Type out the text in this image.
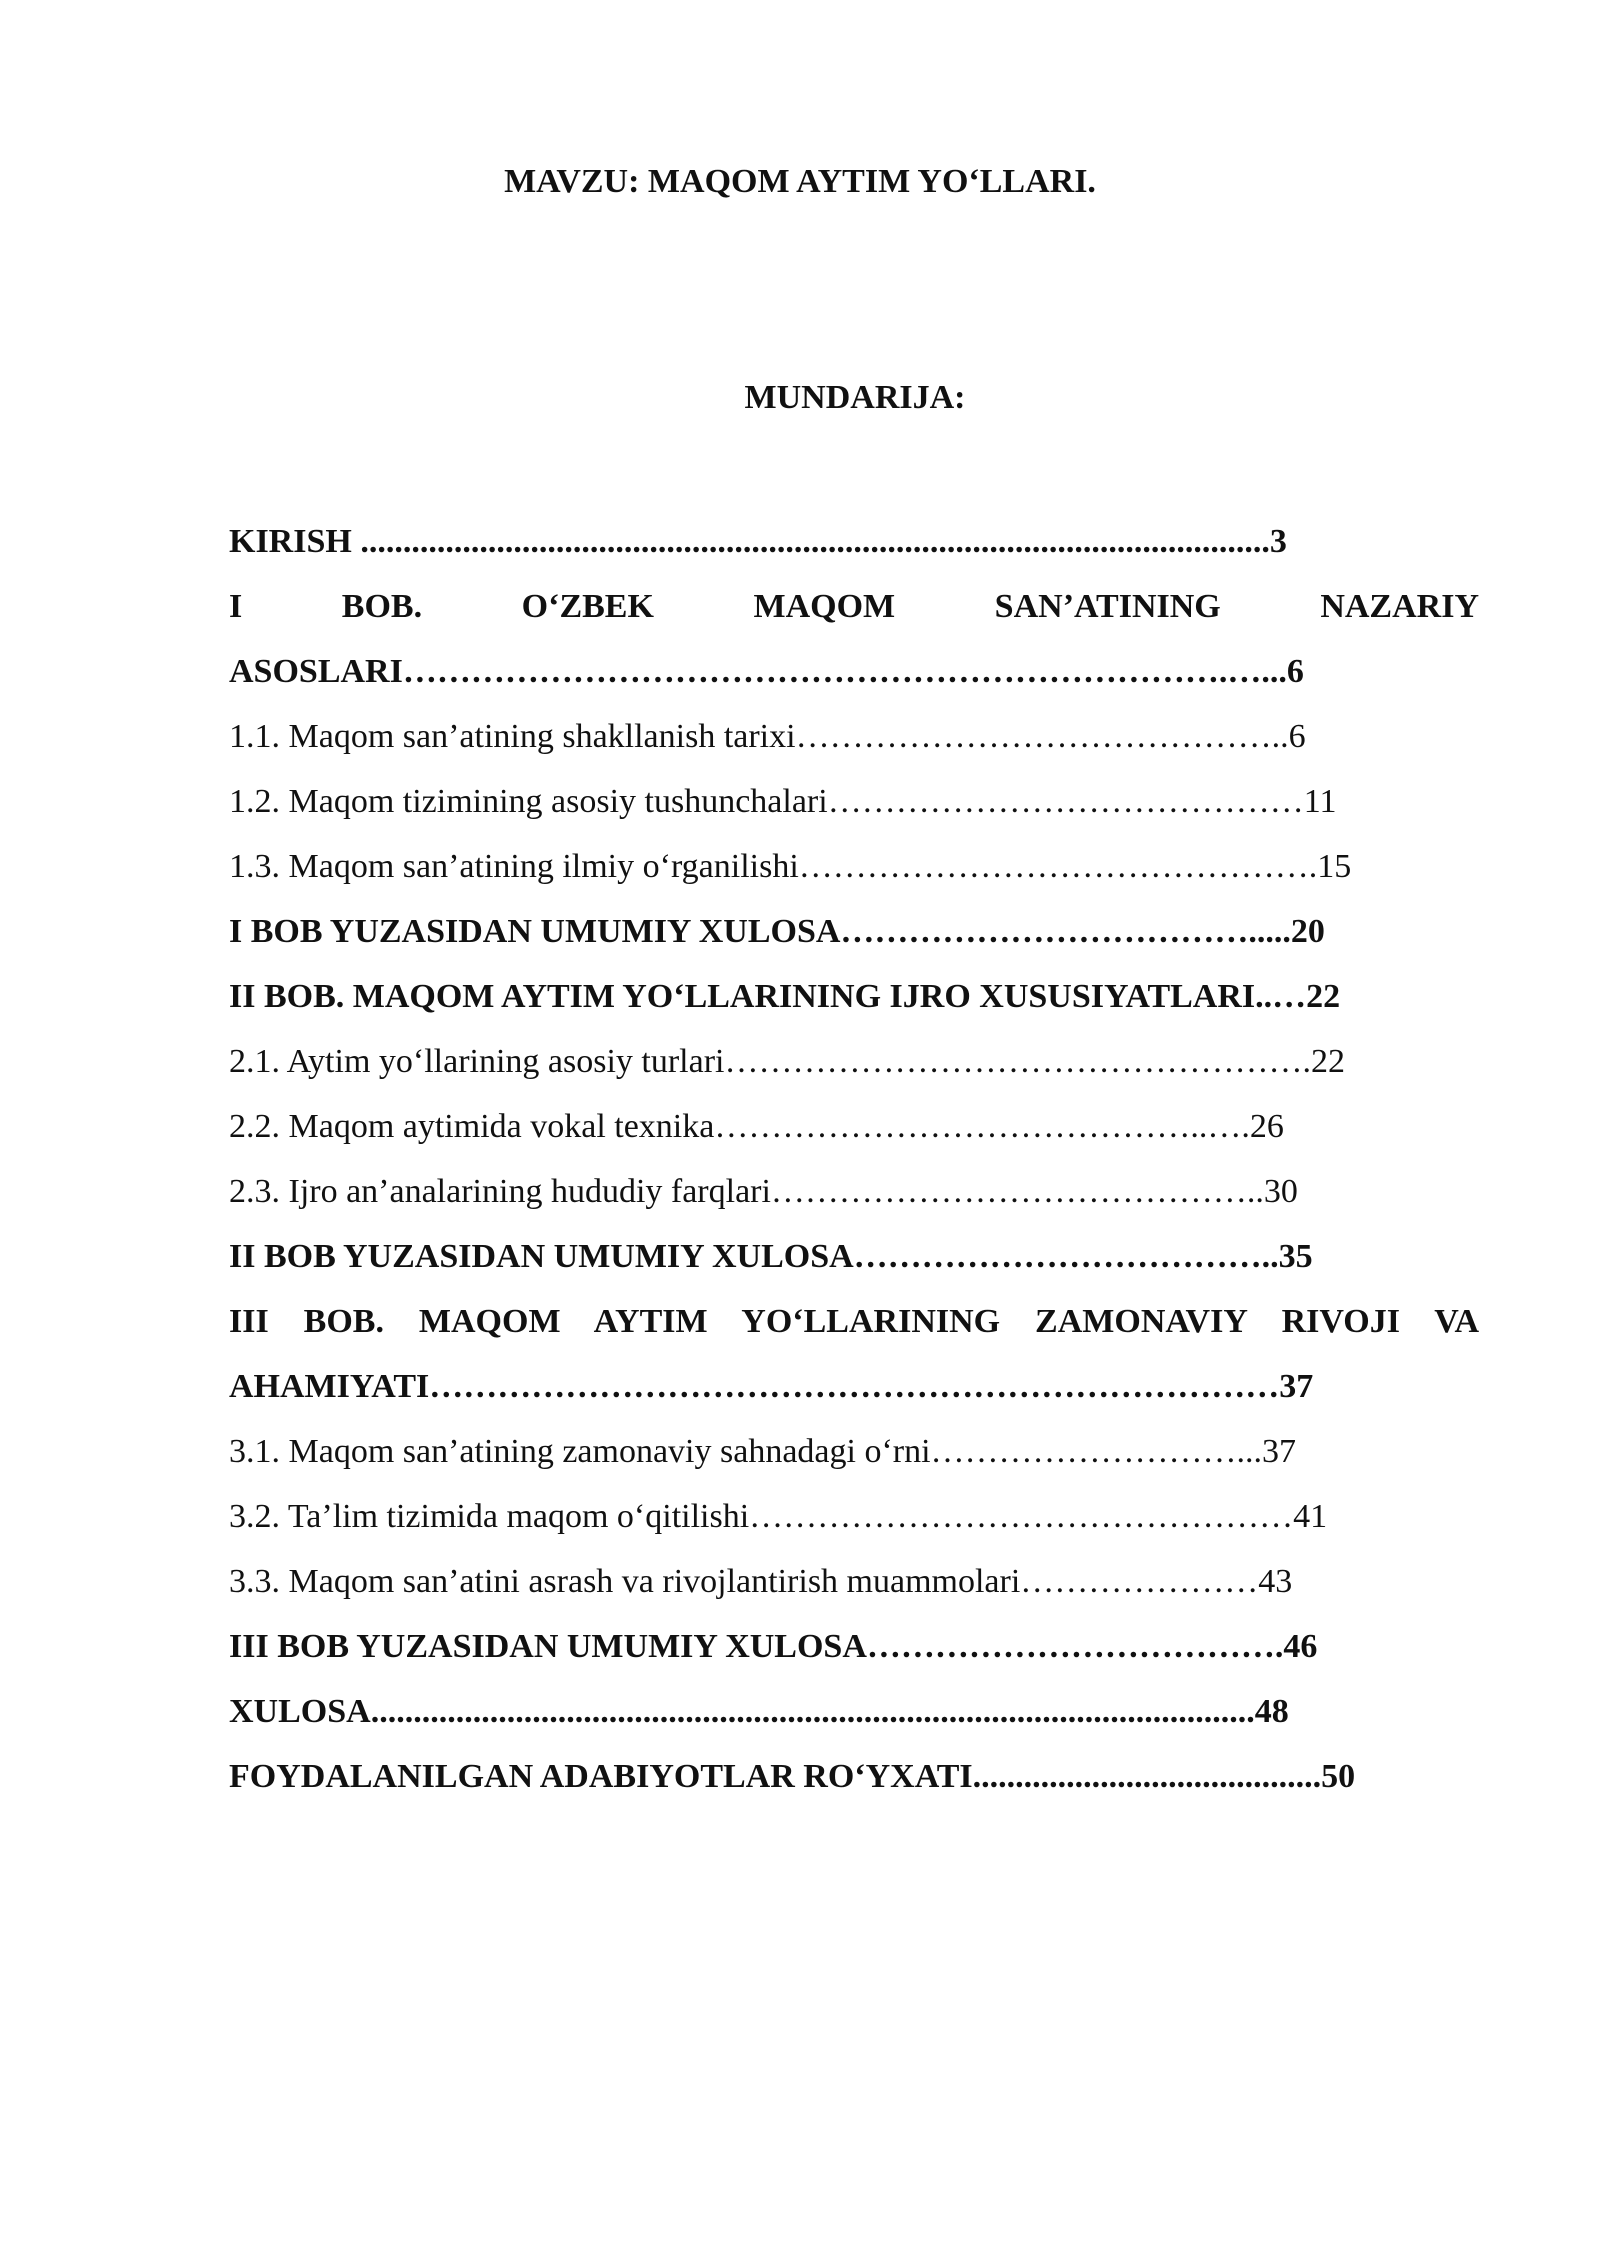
MAVZU: MAQOM AYTIM YO‘LLARI.
MUNDARIJA:
KIRISH ...........................................................................................................3
I BOB. O‘ZBEK MAQOM SAN’ATINING NAZARIY
ASOSLARI……………………………………………………………….…...6
1.1. Maqom san’atining shakllanish tarixi……………………………………..6
1.2. Maqom tizimining asosiy tushunchalari……………………………………11
1.3. Maqom san’atining ilmiy o‘rganilishi……………………………………….15
I BOB YUZASIDAN UMUMIY XULOSA……………………………….....20
II BOB. MAQOM AYTIM YO‘LLARINING IJRO XUSUSIYATLARI..…22
2.1. Aytim yo‘llarining asosiy turlari…………………………………………….22
2.2. Maqom aytimida vokal texnika……………………………………..….26
2.3. Ijro an’analarining hududiy farqlari……………………………………..30
II BOB YUZASIDAN UMUMIY XULOSA………………………………..35
III BOB. MAQOM AYTIM YO‘LLARINING ZAMONAVIY RIVOJI VA
AHAMIYATI…………………………………………………………………37
3.1. Maqom san’atining zamonaviy sahnadagi o‘rni………………………...37
3.2. Ta’lim tizimida maqom o‘qitilishi…………………………………………41
3.3. Maqom san’atini asrash va rivojlantirish muammolari…………………43
III BOB YUZASIDAN UMUMIY XULOSA……………………………….46
XULOSA........................................................................................................48
FOYDALANILGAN ADABIYOTLAR RO‘YXATI.........................................50
